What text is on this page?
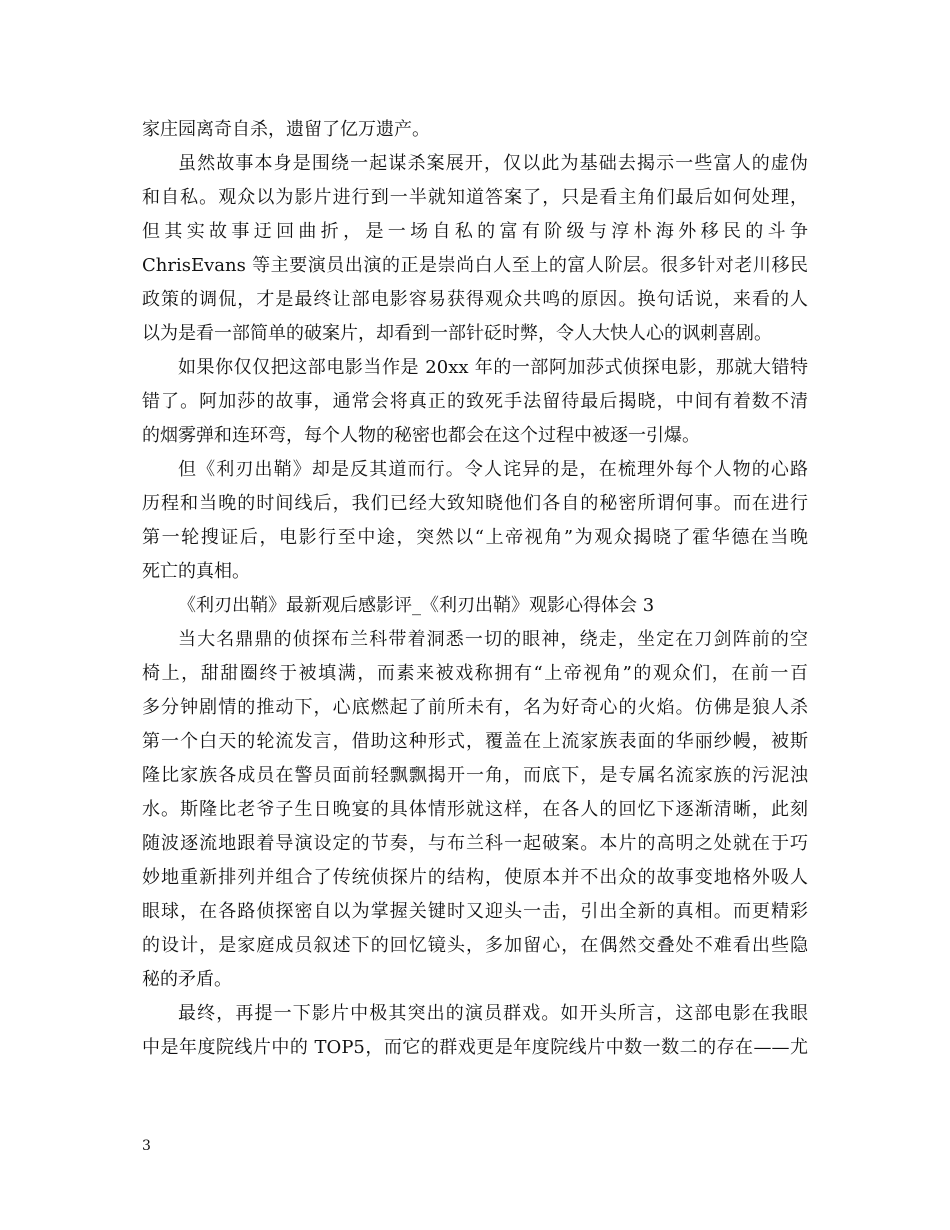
家庄园离奇自杀，遗留了亿万遗产。
虽然故事本身是围绕一起谋杀案展开，仅以此为基础去揭示一些富人的虚伪
和自私。观众以为影片进行到一半就知道答案了，只是看主角们最后如何处理，
但其实故事迂回曲折，是一场自私的富有阶级与淳朴海外移民的斗争
ChrisEvans 等主要演员出演的正是崇尚白人至上的富人阶层。很多针对老川移民
政策的调侃，才是最终让部电影容易获得观众共鸣的原因。换句话说，来看的人
以为是看一部简单的破案片，却看到一部针砭时弊，令人大快人心的讽刺喜剧。
如果你仅仅把这部电影当作是 20xx 年的一部阿加莎式侦探电影，那就大错特
错了。阿加莎的故事，通常会将真正的致死手法留待最后揭晓，中间有着数不清
的烟雾弹和连环弯，每个人物的秘密也都会在这个过程中被逐一引爆。
但《利刃出鞘》却是反其道而行。令人诧异的是，在梳理外每个人物的心路
历程和当晚的时间线后，我们已经大致知晓他们各自的秘密所谓何事。而在进行
第一轮搜证后，电影行至中途，突然以“上帝视角”为观众揭晓了霍华德在当晚
死亡的真相。
《利刃出鞘》最新观后感影评_《利刃出鞘》观影心得体会 3
当大名鼎鼎的侦探布兰科带着洞悉一切的眼神，绕走，坐定在刀剑阵前的空
椅上，甜甜圈终于被填满，而素来被戏称拥有“上帝视角”的观众们，在前一百
多分钟剧情的推动下，心底燃起了前所未有，名为好奇心的火焰。仿佛是狼人杀
第一个白天的轮流发言，借助这种形式，覆盖在上流家族表面的华丽纱幔，被斯
隆比家族各成员在警员面前轻飘飘揭开一角，而底下，是专属名流家族的污泥浊
水。斯隆比老爷子生日晚宴的具体情形就这样，在各人的回忆下逐渐清晰，此刻
随波逐流地跟着导演设定的节奏，与布兰科一起破案。本片的高明之处就在于巧
妙地重新排列并组合了传统侦探片的结构，使原本并不出众的故事变地格外吸人
眼球，在各路侦探密自以为掌握关键时又迎头一击，引出全新的真相。而更精彩
的设计，是家庭成员叙述下的回忆镜头，多加留心，在偶然交叠处不难看出些隐
秘的矛盾。
最终，再提一下影片中极其突出的演员群戏。如开头所言，这部电影在我眼
中是年度院线片中的 TOP5，而它的群戏更是年度院线片中数一数二的存在——尤
3
